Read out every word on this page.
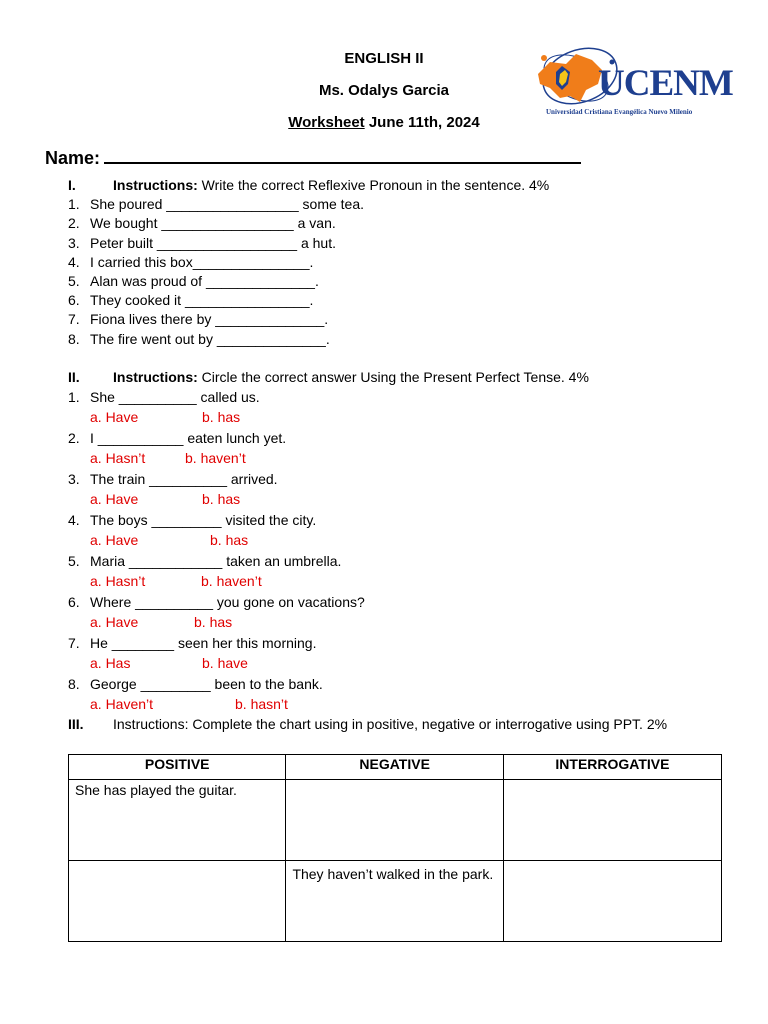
ENGLISH II
Ms. Odalys Garcia
Worksheet June 11th, 2024
UCENM
Universidad Cristiana Evangélica Nuevo Milenio
Name:
I.	Instructions: Write the correct Reflexive Pronoun in the sentence. 4%
1. She poured _________________ some tea.
2. We bought _________________ a van.
3. Peter built __________________ a hut.
4. I carried this box_______________.
5. Alan was proud of ______________.
6. They cooked it ________________.
7. Fiona lives there by ______________.
8. The fire went out by ______________.
II. Instructions: Circle the correct answer Using the Present Perfect Tense. 4%
1. She __________ called us.
a. Have	b. has
2. I ___________ eaten lunch yet.
a. Hasn’t	b. haven’t
3. The train __________ arrived.
a. Have	b. has
4. The boys _________ visited the city.
a. Have	b. has
5. Maria ____________ taken an umbrella.
a. Hasn’t	b. haven’t
6. Where __________ you gone on vacations?
a. Have	b. has
7. He ________ seen her this morning.
a. Has	b. have
8. George _________ been to the bank.
a. Haven’t	b. hasn’t
III. Instructions: Complete the chart using in positive, negative or interrogative using PPT. 2%
POSITIVE	NEGATIVE	INTERROGATIVE
She has played the guitar.		
	They haven’t walked in the park.	
